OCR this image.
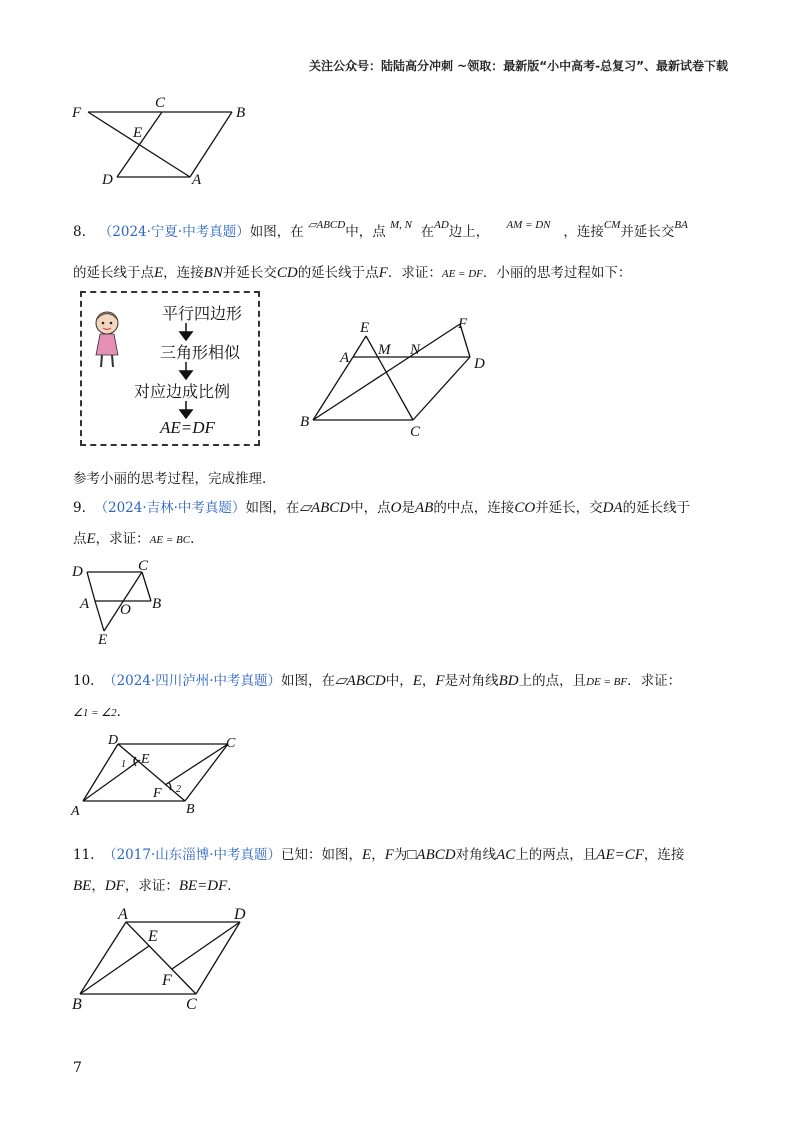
关注公众号：陆陆高分冲刺 ~领取：最新版“小中高考-总复习”、最新试卷下载
F
C
B
E
D	A
8. （2024·宁夏·中考真题）如图，在 $^{▱ABCD}$中，点 $^{M, N}$ 在$^{AD}$边上， $^{AM = DN}$ ，连接$^{CM}$并延长交$^{BA}$
的延长线于点E，连接BN并延长交CD的延长线于点F．求证：AE = DF．小丽的思考过程如下：
平行四边形
三角形相似
对应边成比例
AE=DF
E	F
A M N
D
B
C
参考小丽的思考过程，完成推理．
9. （2024·吉林·中考真题）如图，在▱ABCD中，点O是AB的中点，连接CO并延长，交DA的延长线于
点E，求证：AE = BC．
D	C
A O B
E
10. （2024·四川泸州·中考真题）如图，在▱ABCD中，E，F是对角线BD上的点，且DE = BF．求证：
∠1 = ∠2．
D	C
E
1
F 2
A	B
11. （2017·山东淄博·中考真题）已知：如图，E，F为□ABCD对角线AC上的两点，且AE=CF，连接
BE，DF，求证：BE=DF．
A	D
E
F
B	C
7
